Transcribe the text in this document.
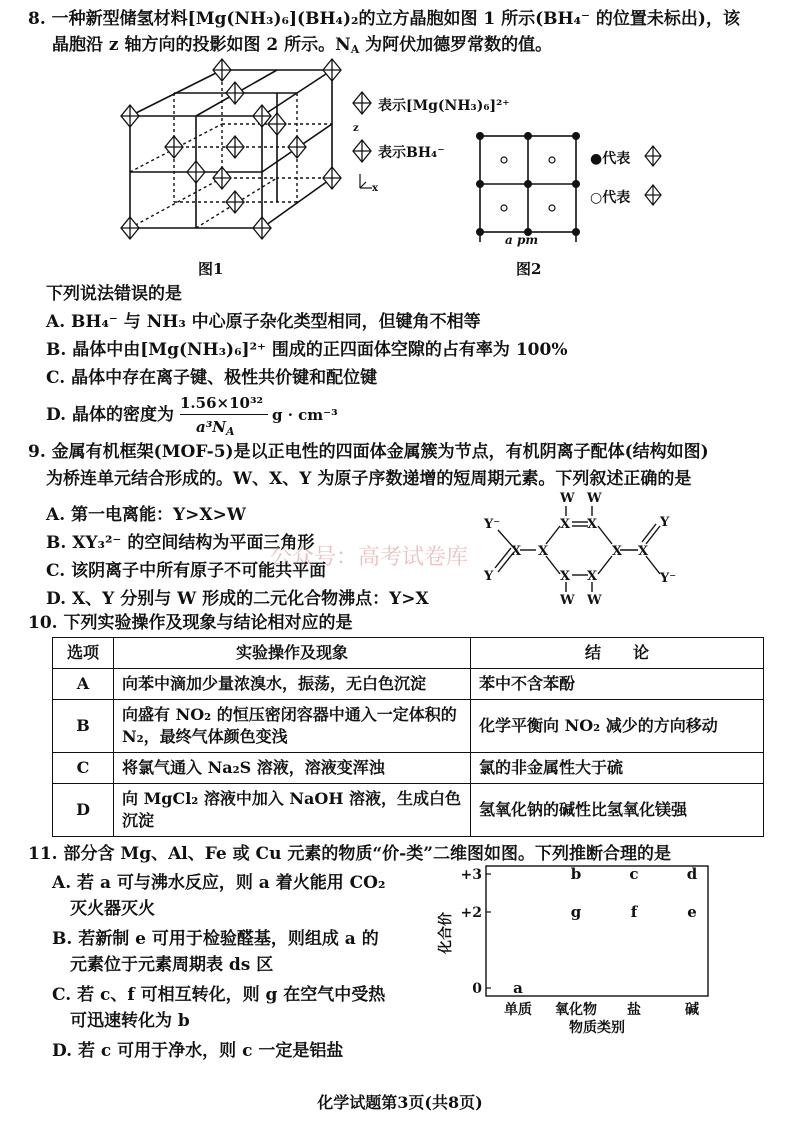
8. 一种新型储氢材料[Mg(NH₃)₆](BH₄)₂的立方晶胞如图 1 所示(BH₄⁻ 的位置未标出)，该
晶胞沿 z 轴方向的投影如图 2 所示。$N_A$ 为阿伏加德罗常数的值。
z
x
图1
表示[Mg(NH₃)₆]²⁺
表示BH₄⁻
a pm
图2
●代表
○代表
下列说法错误的是
A. BH₄⁻ 与 NH₃ 中心原子杂化类型相同，但键角不相等
B. 晶体中由[Mg(NH₃)₆]²⁺ 围成的正四面体空隙的占有率为 100%
C. 晶体中存在离子键、极性共价键和配位键
D. 晶体的密度为
1.56×10³²
$a^3N_A$
g · cm⁻³
9. 金属有机框架(MOF-5)是以正电性的四面体金属簇为节点，有机阴离子配体(结构如图)
为桥连单元结合形成的。W、X、Y 为原子序数递增的短周期元素。下列叙述正确的是
A. 第一电离能：Y>X>W
B. XY₃²⁻ 的空间结构为平面三角形
C. 该阴离子中所有原子不可能共平面
D. X、Y 分别与 W 形成的二元化合物沸点：Y>X
公众号：高考试卷库
Y⁻
Y
X X
X X
X X
X X
Y
Y⁻
W W
W W
10. 下列实验操作及现象与结论相对应的是
选项	实验操作及现象	结　　论
A	向苯中滴加少量浓溴水，振荡，无白色沉淀	苯中不含苯酚
B	向盛有 NO₂ 的恒压密闭容器中通入一定体积的 N₂，最终气体颜色变浅	化学平衡向 NO₂ 减少的方向移动
C	将氯气通入 Na₂S 溶液，溶液变浑浊	氯的非金属性大于硫
D	向 MgCl₂ 溶液中加入 NaOH 溶液，生成白色沉淀	氢氧化钠的碱性比氢氧化镁强
11. 部分含 Mg、Al、Fe 或 Cu 元素的物质“价-类”二维图如图。下列推断合理的是
A. 若 a 可与沸水反应，则 a 着火能用 CO₂
灭火器灭火
B. 若新制 e 可用于检验醛基，则组成 a 的
元素位于元素周期表 ds 区
C. 若 c、f 可相互转化，则 g 在空气中受热
可迅速转化为 b
D. 若 c 可用于净水，则 c 一定是铝盐
+3
+2
0
单质 氧化物 盐	碱
a
b	c	d
g	f	e
化合价
物质类别
化学试题第3页(共8页)
